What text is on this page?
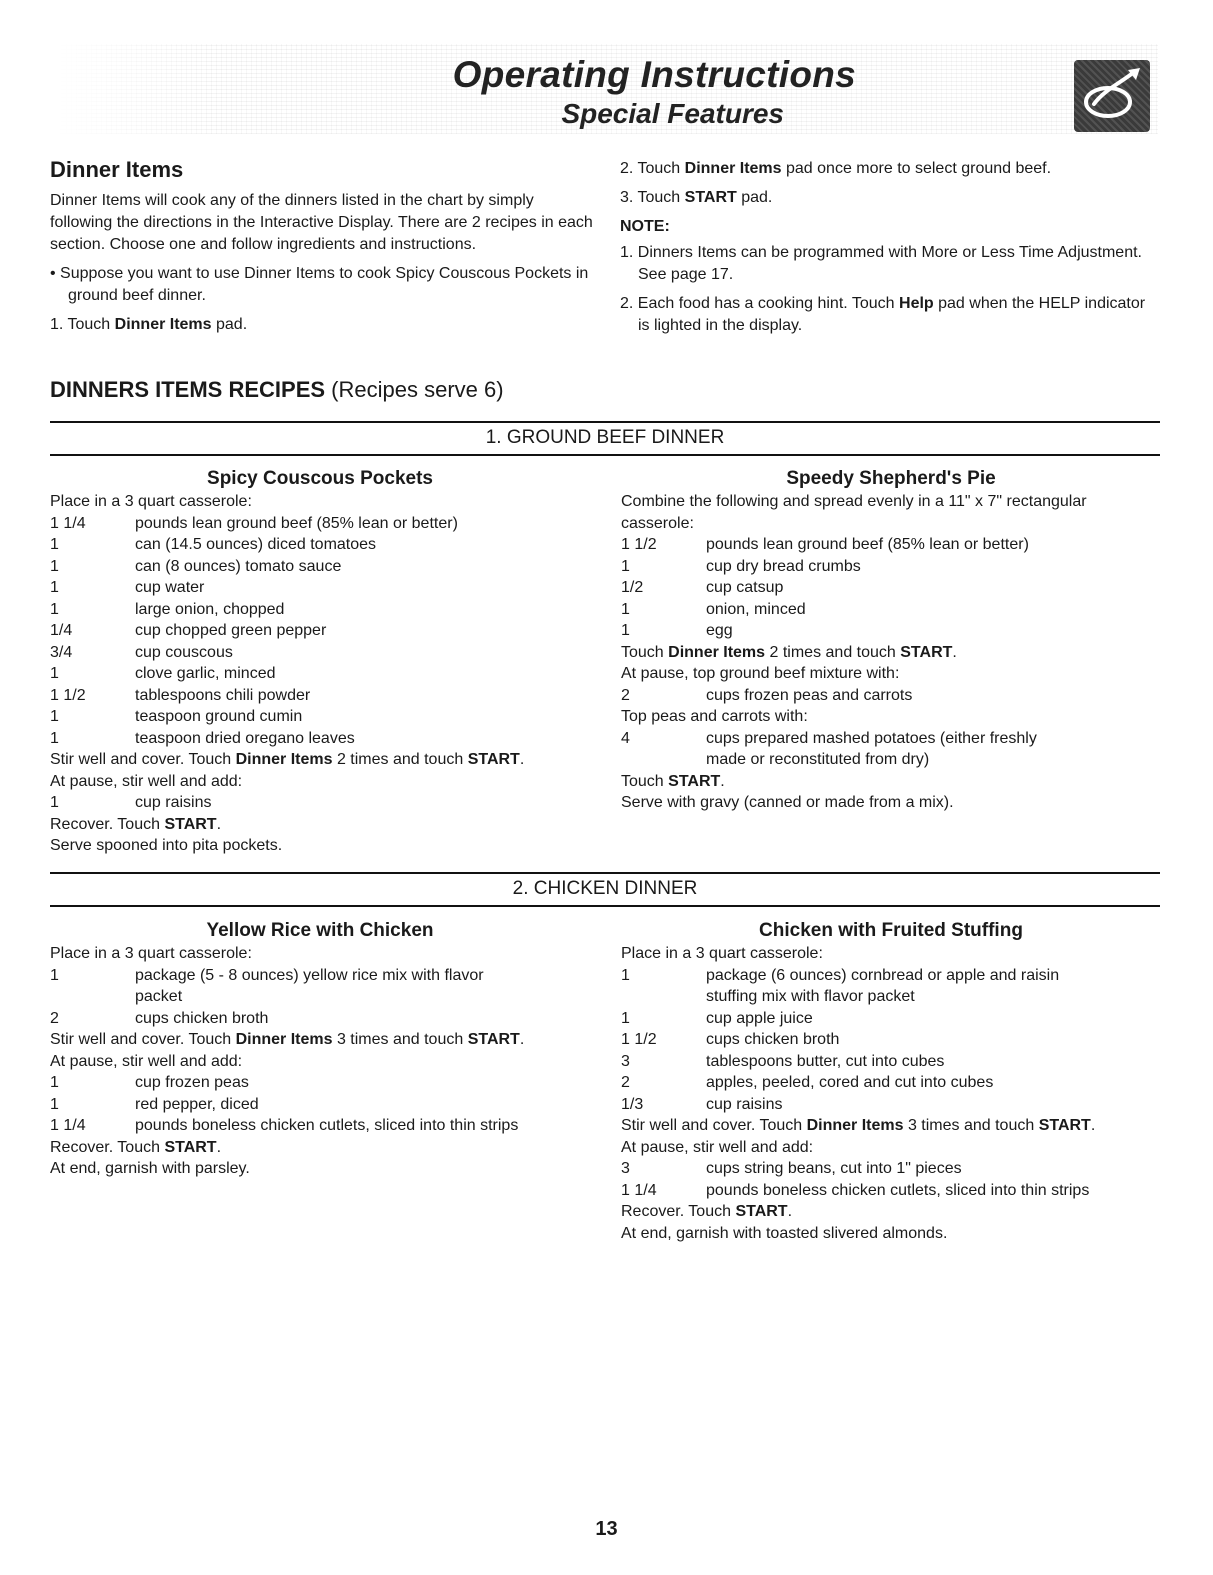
Operating Instructions
Special Features
Dinner Items

Dinner Items will cook any of the dinners listed in the chart by simply following the directions in the Interactive Display. There are 2 recipes in each section. Choose one and follow ingredients and instructions.

• Suppose you want to use Dinner Items to cook Spicy Couscous Pockets in ground beef dinner.

1. Touch Dinner Items pad.

2. Touch Dinner Items pad once more to select ground beef.

3. Touch START pad.

NOTE:

1. Dinners Items can be programmed with More or Less Time Adjustment. See page 17.

2. Each food has a cooking hint. Touch Help pad when the HELP indicator is lighted in the display.

DINNERS ITEMS RECIPES (Recipes serve 6)
1. GROUND BEEF DINNER
Spicy Couscous Pockets
Place in a 3 quart casserole:
1 1/4	pounds lean ground beef (85% lean or better)
1	can (14.5 ounces) diced tomatoes
1	can (8 ounces) tomato sauce
1	cup water
1	large onion, chopped
1/4	cup chopped green pepper
3/4	cup couscous
1	clove garlic, minced
1 1/2	tablespoons chili powder
1	teaspoon ground cumin
1	teaspoon dried oregano leaves
Stir well and cover. Touch Dinner Items 2 times and touch START.
At pause, stir well and add:
1	cup raisins
Recover. Touch START.
Serve spooned into pita pockets.
Speedy Shepherd's Pie
Combine the following and spread evenly in a 11" x 7" rectangular
casserole:
1 1/2	pounds lean ground beef (85% lean or better)
1	cup dry bread crumbs
1/2	cup catsup
1	onion, minced
1	egg
Touch Dinner Items 2 times and touch START.
At pause, top ground beef mixture with:
2	cups frozen peas and carrots
Top peas and carrots with:
4	cups prepared mashed potatoes (either freshly
made or reconstituted from dry)
Touch START.
Serve with gravy (canned or made from a mix).
2. CHICKEN DINNER
Yellow Rice with Chicken
Place in a 3 quart casserole:
1	package (5 - 8 ounces) yellow rice mix with flavor
packet
2	cups chicken broth
Stir well and cover. Touch Dinner Items 3 times and touch START.
At pause, stir well and add:
1	cup frozen peas
1	red pepper, diced
1 1/4	pounds boneless chicken cutlets, sliced into thin strips
Recover. Touch START.
At end, garnish with parsley.
Chicken with Fruited Stuffing
Place in a 3 quart casserole:
1	package (6 ounces) cornbread or apple and raisin
stuffing mix with flavor packet
1	cup apple juice
1 1/2	cups chicken broth
3	tablespoons butter, cut into cubes
2	apples, peeled, cored and cut into cubes
1/3	cup raisins
Stir well and cover. Touch Dinner Items 3 times and touch START.
At pause, stir well and add:
3	cups string beans, cut into 1" pieces
1 1/4	pounds boneless chicken cutlets, sliced into thin strips
Recover. Touch START.
At end, garnish with toasted slivered almonds.
13
